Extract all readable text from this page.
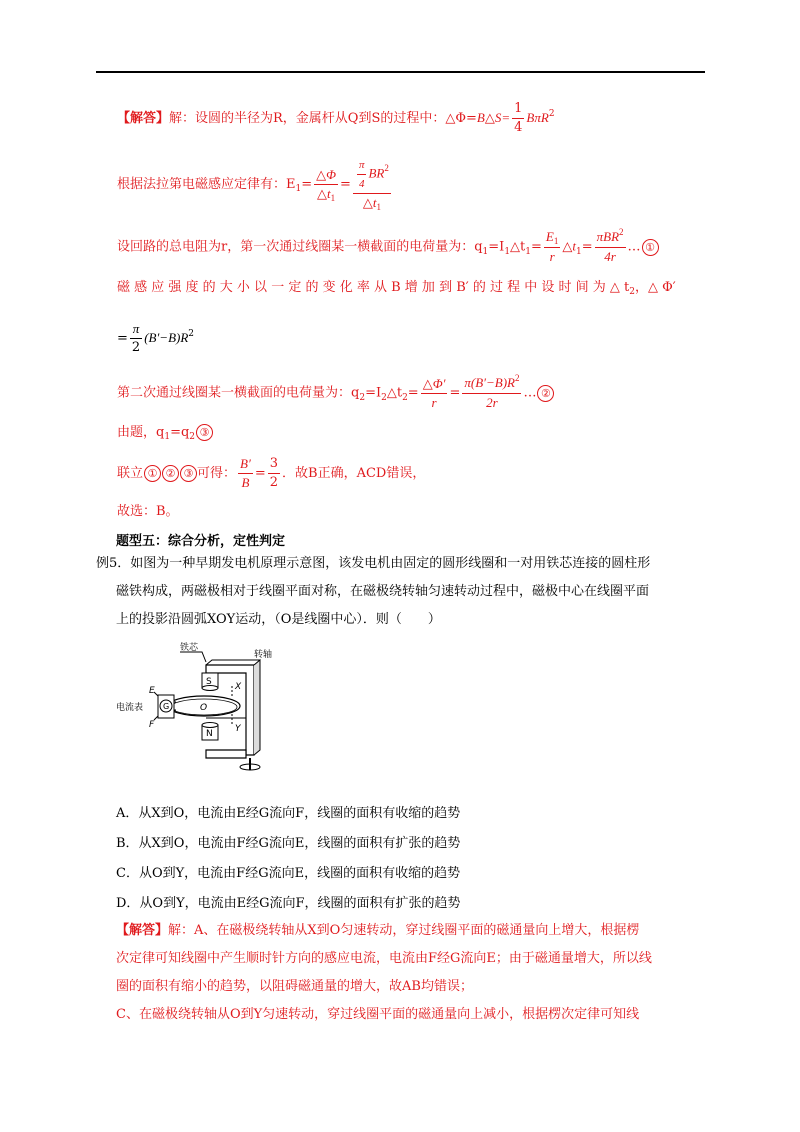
【解答】解：设圆的半径为R，金属杆从Q到S的过程中：△Φ=B△S= $\frac{1}{4} B\pi R^2$
根据法拉第电磁感应定律有：$E_1= \frac{\triangle\Phi}{\triangle t_1} = \frac{\frac{\pi}{4} BR^2}{\triangle t_1}$
设回路的总电阻为r，第一次通过线圈某一横截面的电荷量为：$q_1=I_1\triangle t_1= \frac{E_1}{r}$ $\triangle t_1= \frac{\pi BR^2}{4r}$ … ①
磁 感 应 强 度 的 大 小 以 一 定 的 变 化 率 从 B 增 加 到 B′ 的 过 程 中 设 时 间 为 △ $t_2$，△ Φ′
= $\frac{\pi}{2} (B'-B)R^2$
第二次通过线圈某一横截面的电荷量为：$q_2=I_2\triangle t_2= \frac{\triangle\Phi'}{r} = \frac{\pi(B'-B)R^2}{2r}$ … ②
由题，$q_1=q_2$ ③
联立 ① ② ③ 可得： $\frac{B'}{B} = \frac{3}{2}$ ．故B正确，ACD错误，
故选：B。
题型五：综合分析，定性判定
例5．如图为一种早期发电机原理示意图，该发电机由固定的圆形线圈和一对用铁芯连接的圆柱形
磁铁构成，两磁极相对于线圈平面对称，在磁极绕转轴匀速转动过程中，磁极中心在线圈平面
上的投影沿圆弧XOY运动，（O是线圈中心）．则（　　）
铁芯
转轴
电流表 G
E
F
S
N
X
Y
O
A．从X到O，电流由E经G流向F，线圈的面积有收缩的趋势
B．从X到O，电流由F经G流向E，线圈的面积有扩张的趋势
C．从O到Y，电流由F经G流向E，线圈的面积有收缩的趋势
D．从O到Y，电流由E经G流向F，线圈的面积有扩张的趋势
【解答】解：A、在磁极绕转轴从X到O匀速转动，穿过线圈平面的磁通量向上增大，根据楞
次定律可知线圈中产生顺时针方向的感应电流，电流由F经G流向E；由于磁通量增大，所以线
圈的面积有缩小的趋势，以阻碍磁通量的增大，故AB均错误；
C、在磁极绕转轴从O到Y匀速转动，穿过线圈平面的磁通量向上减小，根据楞次定律可知线
